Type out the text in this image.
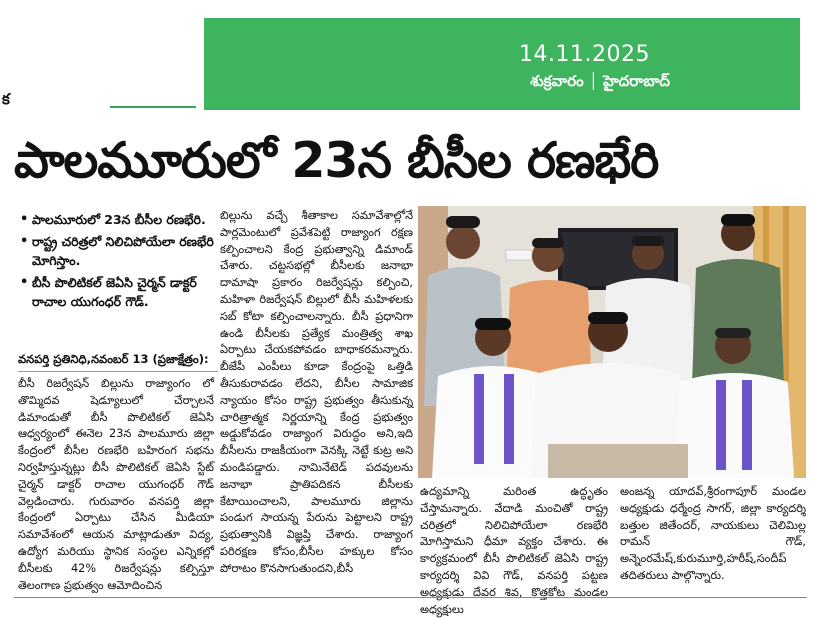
క
14.11.2025
శుక్రవారం │ హైదరాబాద్
పాలమూరులో 23న బీసీల రణభేరి
• పాలమూరులో 23న బీసీల రణభేరి.
• రాష్ట్ర చరిత్రలో నిలిచిపోయేలా రణభేరి మోగిస్తాం.
• బీసీ పొలిటికల్ జెఏసి చైర్మన్ డాక్టర్ రాచాల యుగంధర్ గౌడ్.
వనపర్తి ప్రతినిధి,నవంబర్ 13 (ప్రజాక్షేత్రం):

బీసీ రిజర్వేషన్ బిల్లును రాజ్యాంగం లో తొమ్మిదవ షెడ్యూలులో చేర్చాలనే డిమాండుతో బీసీ పొలిటికల్ జెఏసి ఆధ్వర్యంలో ఈనెల 23న పాలమూరు జిల్లా కేంద్రంలో బీసీల రణభేరి బహిరంగ సభను నిర్వహిస్తున్నట్లు బీసీ పొలిటికల్ జెఏసి స్టేట్ చైర్మన్ డాక్టర్ రాచాల యుగంధర్ గౌడ్ వెల్లడించారు. గురువారం వనపర్తి జిల్లా కేంద్రంలో ఏర్పాటు చేసిన మీడియా సమావేశంలో ఆయన మాట్లాడుతూ విద్య, ఉద్యోగ మరియు స్థానిక సంస్థల ఎన్నికల్లో బీసీలకు 42% రిజర్వేషన్లు కల్పిస్తూ తెలంగాణ ప్రభుత్వం ఆమోదించిన

బిల్లును వచ్చే శీతాకాల సమావేశాల్లోనే పార్లమెంటులో ప్రవేశపెట్టి రాజ్యాంగ రక్షణ కల్పించాలని కేంద్ర ప్రభుత్వాన్ని డిమాండ్ చేశారు. చట్టసభల్లో బీసీలకు జనాభా దామాషా ప్రకారం రిజర్వేషన్లు కల్పించి, మహిళా రిజర్వేషన్ బిల్లులో బీసీ మహిళలకు సబ్ కోటా కల్పించాలన్నారు. బీసీ ప్రధానిగా ఉండి బీసీలకు ప్రత్యేక మంత్రిత్వ శాఖ ఏర్పాటు చేయకపోవడం బాధాకరమన్నారు. బీజేపీ ఎంపీలు కూడా కేంద్రంపై ఒత్తిడి తీసుకురావడం లేదని, బీసీల సామాజిక న్యాయం కోసం రాష్ట్ర ప్రభుత్వం తీసుకున్న చారిత్రాత్మక నిర్ణయాన్ని కేంద్ర ప్రభుత్వం అడ్డుకోవడం రాజ్యాంగ విరుద్ధం అని,ఇది బీసీలను రాజకీయంగా వెనక్కి నెట్టే కుట్ర అని మండిపడ్డారు. నామినేటెడ్ పదవులను జనాభా ప్రాతిపదికన బీసీలకు కేటాయించాలని, పాలమూరు జిల్లాను పండుగ సాయన్న పేరును పెట్టాలని రాష్ట్ర ప్రభుత్వానికి విజ్ఞప్తి చేశారు. రాజ్యాంగ పరిరక్షణ కోసం,బీసీల హక్కుల కోసం పోరాటం కొనసాగుతుందని,బీసీ

ఉద్యమాన్ని మరింత ఉద్ధృతం చేస్తామన్నారు. వేదాడి మంచితో రాష్ట్ర చరిత్రలో నిలిచిపోయేలా రణభేరి మోగిస్తామని ధీమా వ్యక్తం చేశారు. ఈ కార్యక్రమంలో బీసీ పొలిటికల్ జెఏసి రాష్ట్ర కార్యదర్శి వివి గౌడ్, వనపర్తి పట్టణ అధ్యక్షుడు దేవర శివ, కొత్తకోట మండల అధ్యక్షులు

అంజన్న యాదవ్,శ్రీరంగాపూర్ మండల అధ్యక్షుడు ధర్మేంద్ర సాగర్, జిల్లా కార్యదర్శి బత్తుల జితేందర్, నాయకులు చెలిమిల్ల రామన్ గౌడ్, అన్నెంరమేష్,కురుమూర్తి,హరీష్,సందీప్ తదితరులు పాల్గొన్నారు.
